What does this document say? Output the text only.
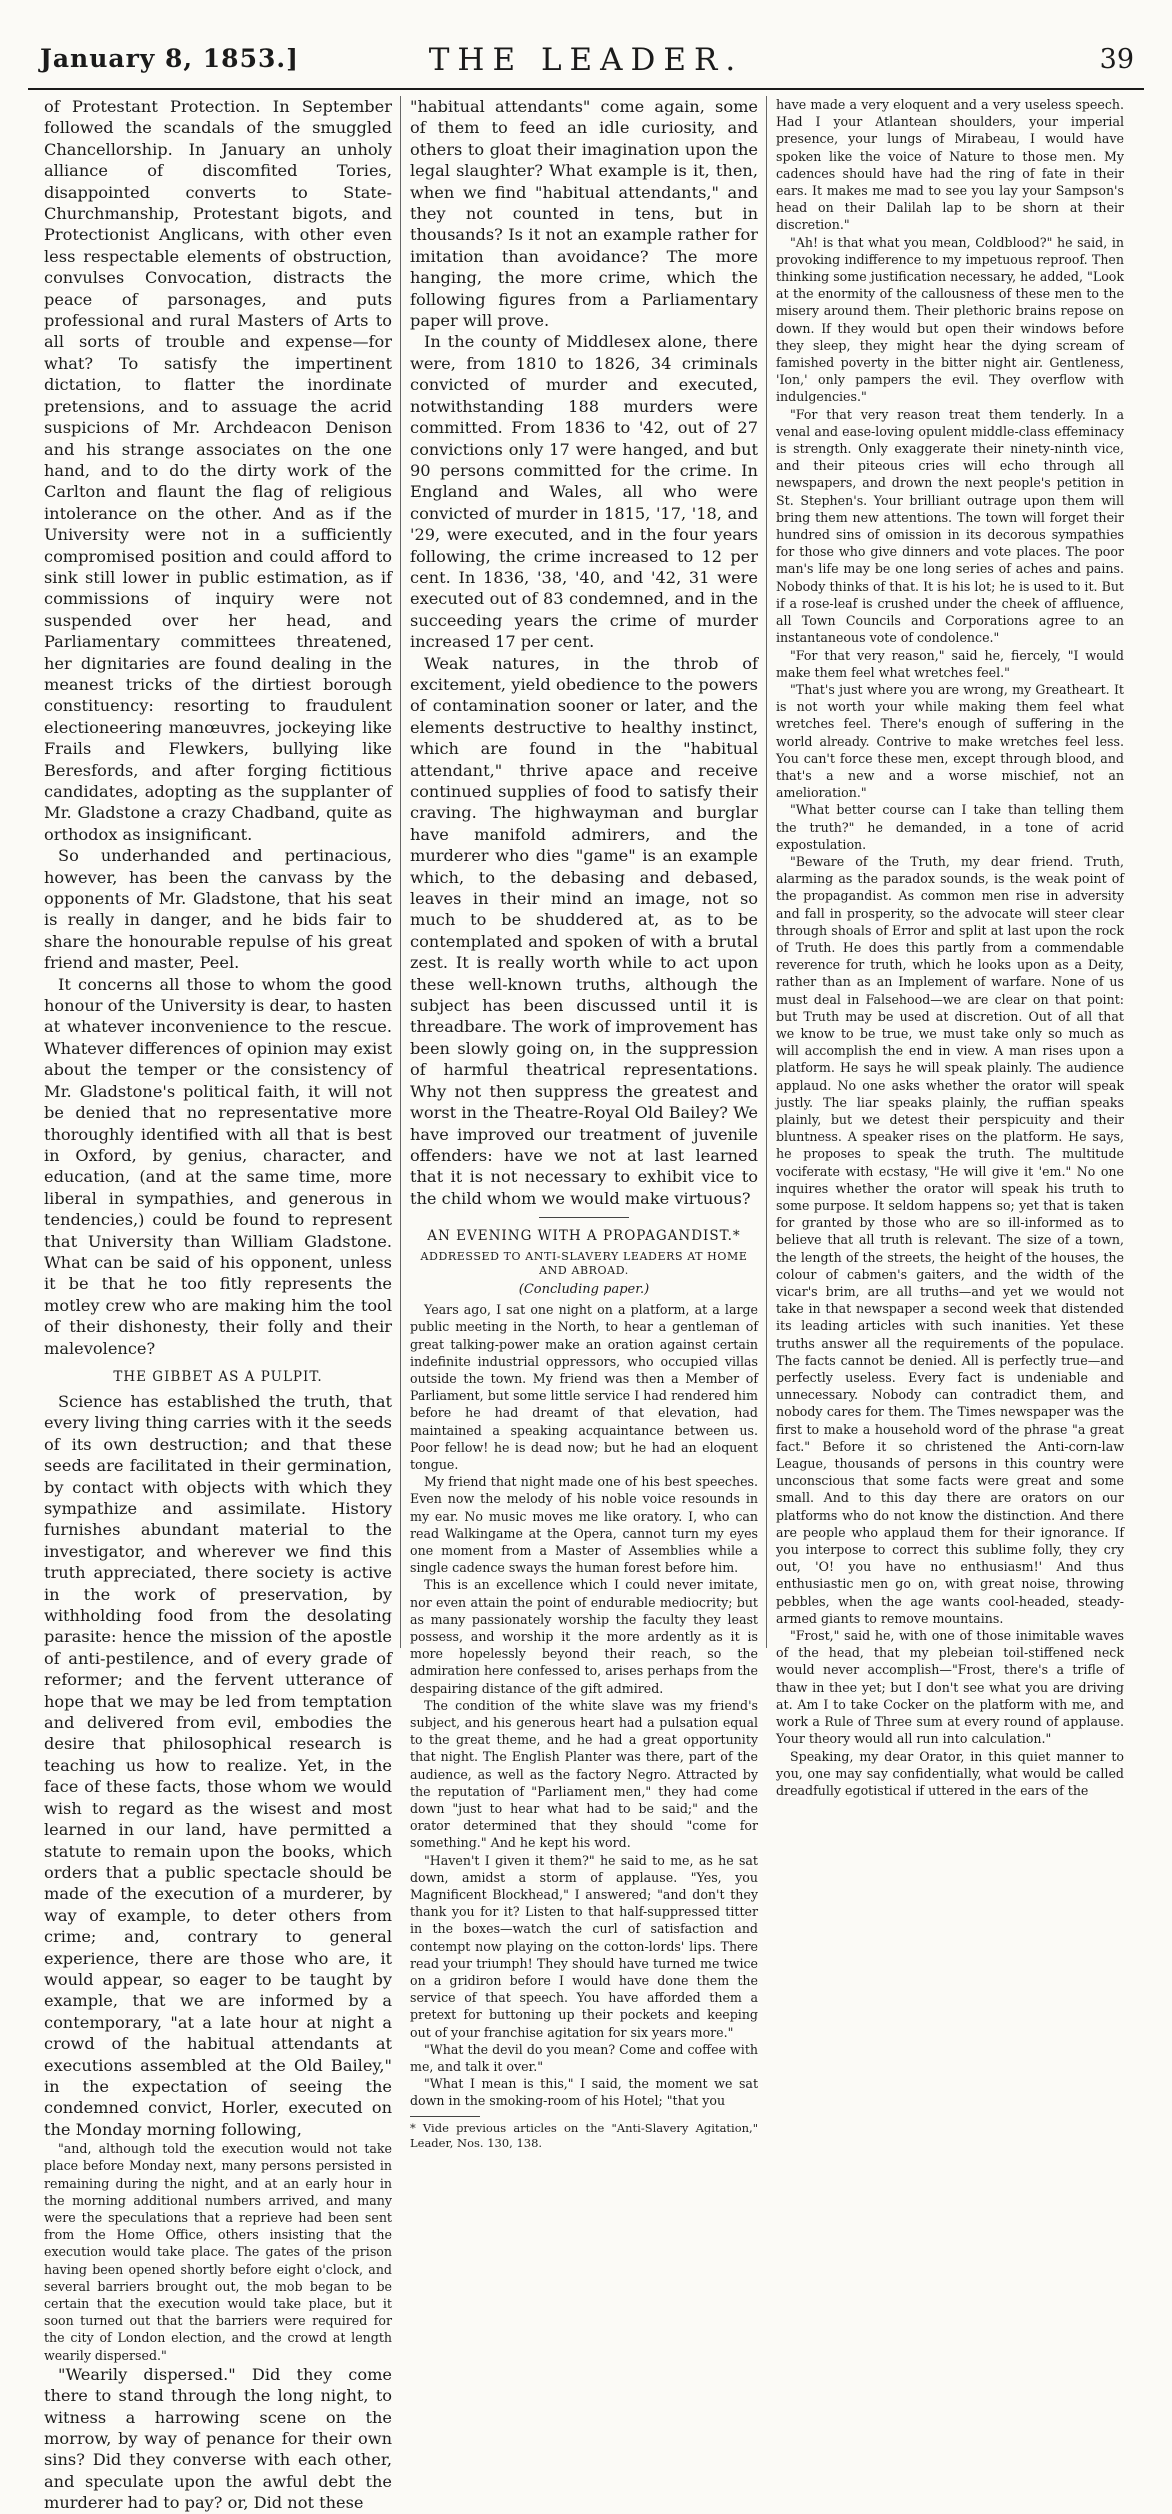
January 8, 1853.]	THE LEADER.	39

of Protestant Protection. In September followed the scandals of the smuggled Chancellorship. In January an unholy alliance of discomfited Tories, disappointed converts to State-Churchmanship, Protestant bigots, and Protectionist Anglicans, with other even less respectable elements of obstruction, convulses Convocation, distracts the peace of parsonages, and puts professional and rural Masters of Arts to all sorts of trouble and expense—for what? To satisfy the impertinent dictation, to flatter the inordinate pretensions, and to assuage the acrid suspicions of Mr. Archdeacon Denison and his strange associates on the one hand, and to do the dirty work of the Carlton and flaunt the flag of religious intolerance on the other. And as if the University were not in a sufficiently compromised position and could afford to sink still lower in public estimation, as if commissions of inquiry were not suspended over her head, and Parliamentary committees threatened, her dignitaries are found dealing in the meanest tricks of the dirtiest borough constituency: resorting to fraudulent electioneering manœuvres, jockeying like Frails and Flewkers, bullying like Beresfords, and after forging fictitious candidates, adopting as the supplanter of Mr. Gladstone a crazy Chadband, quite as orthodox as insignificant.

So underhanded and pertinacious, however, has been the canvass by the opponents of Mr. Gladstone, that his seat is really in danger, and he bids fair to share the honourable repulse of his great friend and master, Peel.

It concerns all those to whom the good honour of the University is dear, to hasten at whatever inconvenience to the rescue. Whatever differences of opinion may exist about the temper or the consistency of Mr. Gladstone's political faith, it will not be denied that no representative more thoroughly identified with all that is best in Oxford, by genius, character, and education, (and at the same time, more liberal in sympathies, and generous in tendencies,) could be found to represent that University than William Gladstone. What can be said of his opponent, unless it be that he too fitly represents the motley crew who are making him the tool of their dishonesty, their folly and their malevolence?

THE GIBBET AS A PULPIT.

Science has established the truth, that every living thing carries with it the seeds of its own destruction; and that these seeds are facilitated in their germination, by contact with objects with which they sympathize and assimilate. History furnishes abundant material to the investigator, and wherever we find this truth appreciated, there society is active in the work of preservation, by withholding food from the desolating parasite: hence the mission of the apostle of anti-pestilence, and of every grade of reformer; and the fervent utterance of hope that we may be led from temptation and delivered from evil, embodies the desire that philosophical research is teaching us how to realize. Yet, in the face of these facts, those whom we would wish to regard as the wisest and most learned in our land, have permitted a statute to remain upon the books, which orders that a public spectacle should be made of the execution of a murderer, by way of example, to deter others from crime; and, contrary to general experience, there are those who are, it would appear, so eager to be taught by example, that we are informed by a contemporary, "at a late hour at night a crowd of the habitual attendants at executions assembled at the Old Bailey," in the expectation of seeing the condemned convict, Horler, executed on the Monday morning following,

"and, although told the execution would not take place before Monday next, many persons persisted in remaining during the night, and at an early hour in the morning additional numbers arrived, and many were the speculations that a reprieve had been sent from the Home Office, others insisting that the execution would take place. The gates of the prison having been opened shortly before eight o'clock, and several barriers brought out, the mob began to be certain that the execution would take place, but it soon turned out that the barriers were required for the city of London election, and the crowd at length wearily dispersed."

"Wearily dispersed." Did they come there to stand through the long night, to witness a harrowing scene on the morrow, by way of penance for their own sins? Did they converse with each other, and speculate upon the awful debt the murderer had to pay? or, Did not these

"habitual attendants" come again, some of them to feed an idle curiosity, and others to gloat their imagination upon the legal slaughter? What example is it, then, when we find "habitual attendants," and they not counted in tens, but in thousands? Is it not an example rather for imitation than avoidance? The more hanging, the more crime, which the following figures from a Parliamentary paper will prove.

In the county of Middlesex alone, there were, from 1810 to 1826, 34 criminals convicted of murder and executed, notwithstanding 188 murders were committed. From 1836 to '42, out of 27 convictions only 17 were hanged, and but 90 persons committed for the crime. In England and Wales, all who were convicted of murder in 1815, '17, '18, and '29, were executed, and in the four years following, the crime increased to 12 per cent. In 1836, '38, '40, and '42, 31 were executed out of 83 condemned, and in the succeeding years the crime of murder increased 17 per cent.

Weak natures, in the throb of excitement, yield obedience to the powers of contamination sooner or later, and the elements destructive to healthy instinct, which are found in the "habitual attendant," thrive apace and receive continued supplies of food to satisfy their craving. The highwayman and burglar have manifold admirers, and the murderer who dies "game" is an example which, to the debasing and debased, leaves in their mind an image, not so much to be shuddered at, as to be contemplated and spoken of with a brutal zest. It is really worth while to act upon these well-known truths, although the subject has been discussed until it is threadbare. The work of improvement has been slowly going on, in the suppression of harmful theatrical representations. Why not then suppress the greatest and worst in the Theatre-Royal Old Bailey? We have improved our treatment of juvenile offenders: have we not at last learned that it is not necessary to exhibit vice to the child whom we would make virtuous?

AN EVENING WITH A PROPAGANDIST.*

ADDRESSED TO ANTI-SLAVERY LEADERS AT HOME AND ABROAD.

(Concluding paper.)

Years ago, I sat one night on a platform, at a large public meeting in the North, to hear a gentleman of great talking-power make an oration against certain indefinite industrial oppressors, who occupied villas outside the town. My friend was then a Member of Parliament, but some little service I had rendered him before he had dreamt of that elevation, had maintained a speaking acquaintance between us. Poor fellow! he is dead now; but he had an eloquent tongue.

My friend that night made one of his best speeches. Even now the melody of his noble voice resounds in my ear. No music moves me like oratory. I, who can read Walkingame at the Opera, cannot turn my eyes one moment from a Master of Assemblies while a single cadence sways the human forest before him.

This is an excellence which I could never imitate, nor even attain the point of endurable mediocrity; but as many passionately worship the faculty they least possess, and worship it the more ardently as it is more hopelessly beyond their reach, so the admiration here confessed to, arises perhaps from the despairing distance of the gift admired.

The condition of the white slave was my friend's subject, and his generous heart had a pulsation equal to the great theme, and he had a great opportunity that night. The English Planter was there, part of the audience, as well as the factory Negro. Attracted by the reputation of "Parliament men," they had come down "just to hear what had to be said;" and the orator determined that they should "come for something." And he kept his word.

"Haven't I given it them?" he said to me, as he sat down, amidst a storm of applause. "Yes, you Magnificent Blockhead," I answered; "and don't they thank you for it? Listen to that half-suppressed titter in the boxes—watch the curl of satisfaction and contempt now playing on the cotton-lords' lips. There read your triumph! They should have turned me twice on a gridiron before I would have done them the service of that speech. You have afforded them a pretext for buttoning up their pockets and keeping out of your franchise agitation for six years more."

"What the devil do you mean? Come and coffee with me, and talk it over."

"What I mean is this," I said, the moment we sat down in the smoking-room of his Hotel; "that you

* Vide previous articles on the "Anti-Slavery Agitation," Leader, Nos. 130, 138.

have made a very eloquent and a very useless speech. Had I your Atlantean shoulders, your imperial presence, your lungs of Mirabeau, I would have spoken like the voice of Nature to those men. My cadences should have had the ring of fate in their ears. It makes me mad to see you lay your Sampson's head on their Dalilah lap to be shorn at their discretion."

"Ah! is that what you mean, Coldblood?" he said, in provoking indifference to my impetuous reproof. Then thinking some justification necessary, he added, "Look at the enormity of the callousness of these men to the misery around them. Their plethoric brains repose on down. If they would but open their windows before they sleep, they might hear the dying scream of famished poverty in the bitter night air. Gentleness, 'Ion,' only pampers the evil. They overflow with indulgencies."

"For that very reason treat them tenderly. In a venal and ease-loving opulent middle-class effeminacy is strength. Only exaggerate their ninety-ninth vice, and their piteous cries will echo through all newspapers, and drown the next people's petition in St. Stephen's. Your brilliant outrage upon them will bring them new attentions. The town will forget their hundred sins of omission in its decorous sympathies for those who give dinners and vote places. The poor man's life may be one long series of aches and pains. Nobody thinks of that. It is his lot; he is used to it. But if a rose-leaf is crushed under the cheek of affluence, all Town Councils and Corporations agree to an instantaneous vote of condolence."

"For that very reason," said he, fiercely, "I would make them feel what wretches feel."

"That's just where you are wrong, my Greatheart. It is not worth your while making them feel what wretches feel. There's enough of suffering in the world already. Contrive to make wretches feel less. You can't force these men, except through blood, and that's a new and a worse mischief, not an amelioration."

"What better course can I take than telling them the truth?" he demanded, in a tone of acrid expostulation.

"Beware of the Truth, my dear friend. Truth, alarming as the paradox sounds, is the weak point of the propagandist. As common men rise in adversity and fall in prosperity, so the advocate will steer clear through shoals of Error and split at last upon the rock of Truth. He does this partly from a commendable reverence for truth, which he looks upon as a Deity, rather than as an Implement of warfare. None of us must deal in Falsehood—we are clear on that point: but Truth may be used at discretion. Out of all that we know to be true, we must take only so much as will accomplish the end in view. A man rises upon a platform. He says he will speak plainly. The audience applaud. No one asks whether the orator will speak justly. The liar speaks plainly, the ruffian speaks plainly, but we detest their perspicuity and their bluntness. A speaker rises on the platform. He says, he proposes to speak the truth. The multitude vociferate with ecstasy, "He will give it 'em." No one inquires whether the orator will speak his truth to some purpose. It seldom happens so; yet that is taken for granted by those who are so ill-informed as to believe that all truth is relevant. The size of a town, the length of the streets, the height of the houses, the colour of cabmen's gaiters, and the width of the vicar's brim, are all truths—and yet we would not take in that newspaper a second week that distended its leading articles with such inanities. Yet these truths answer all the requirements of the populace. The facts cannot be denied. All is perfectly true—and perfectly useless. Every fact is undeniable and unnecessary. Nobody can contradict them, and nobody cares for them. The Times newspaper was the first to make a household word of the phrase "a great fact." Before it so christened the Anti-corn-law League, thousands of persons in this country were unconscious that some facts were great and some small. And to this day there are orators on our platforms who do not know the distinction. And there are people who applaud them for their ignorance. If you interpose to correct this sublime folly, they cry out, 'O! you have no enthusiasm!' And thus enthusiastic men go on, with great noise, throwing pebbles, when the age wants cool-headed, steady-armed giants to remove mountains.

"Frost," said he, with one of those inimitable waves of the head, that my plebeian toil-stiffened neck would never accomplish—"Frost, there's a trifle of thaw in thee yet; but I don't see what you are driving at. Am I to take Cocker on the platform with me, and work a Rule of Three sum at every round of applause. Your theory would all run into calculation."

Speaking, my dear Orator, in this quiet manner to you, one may say confidentially, what would be called dreadfully egotistical if uttered in the ears of the
